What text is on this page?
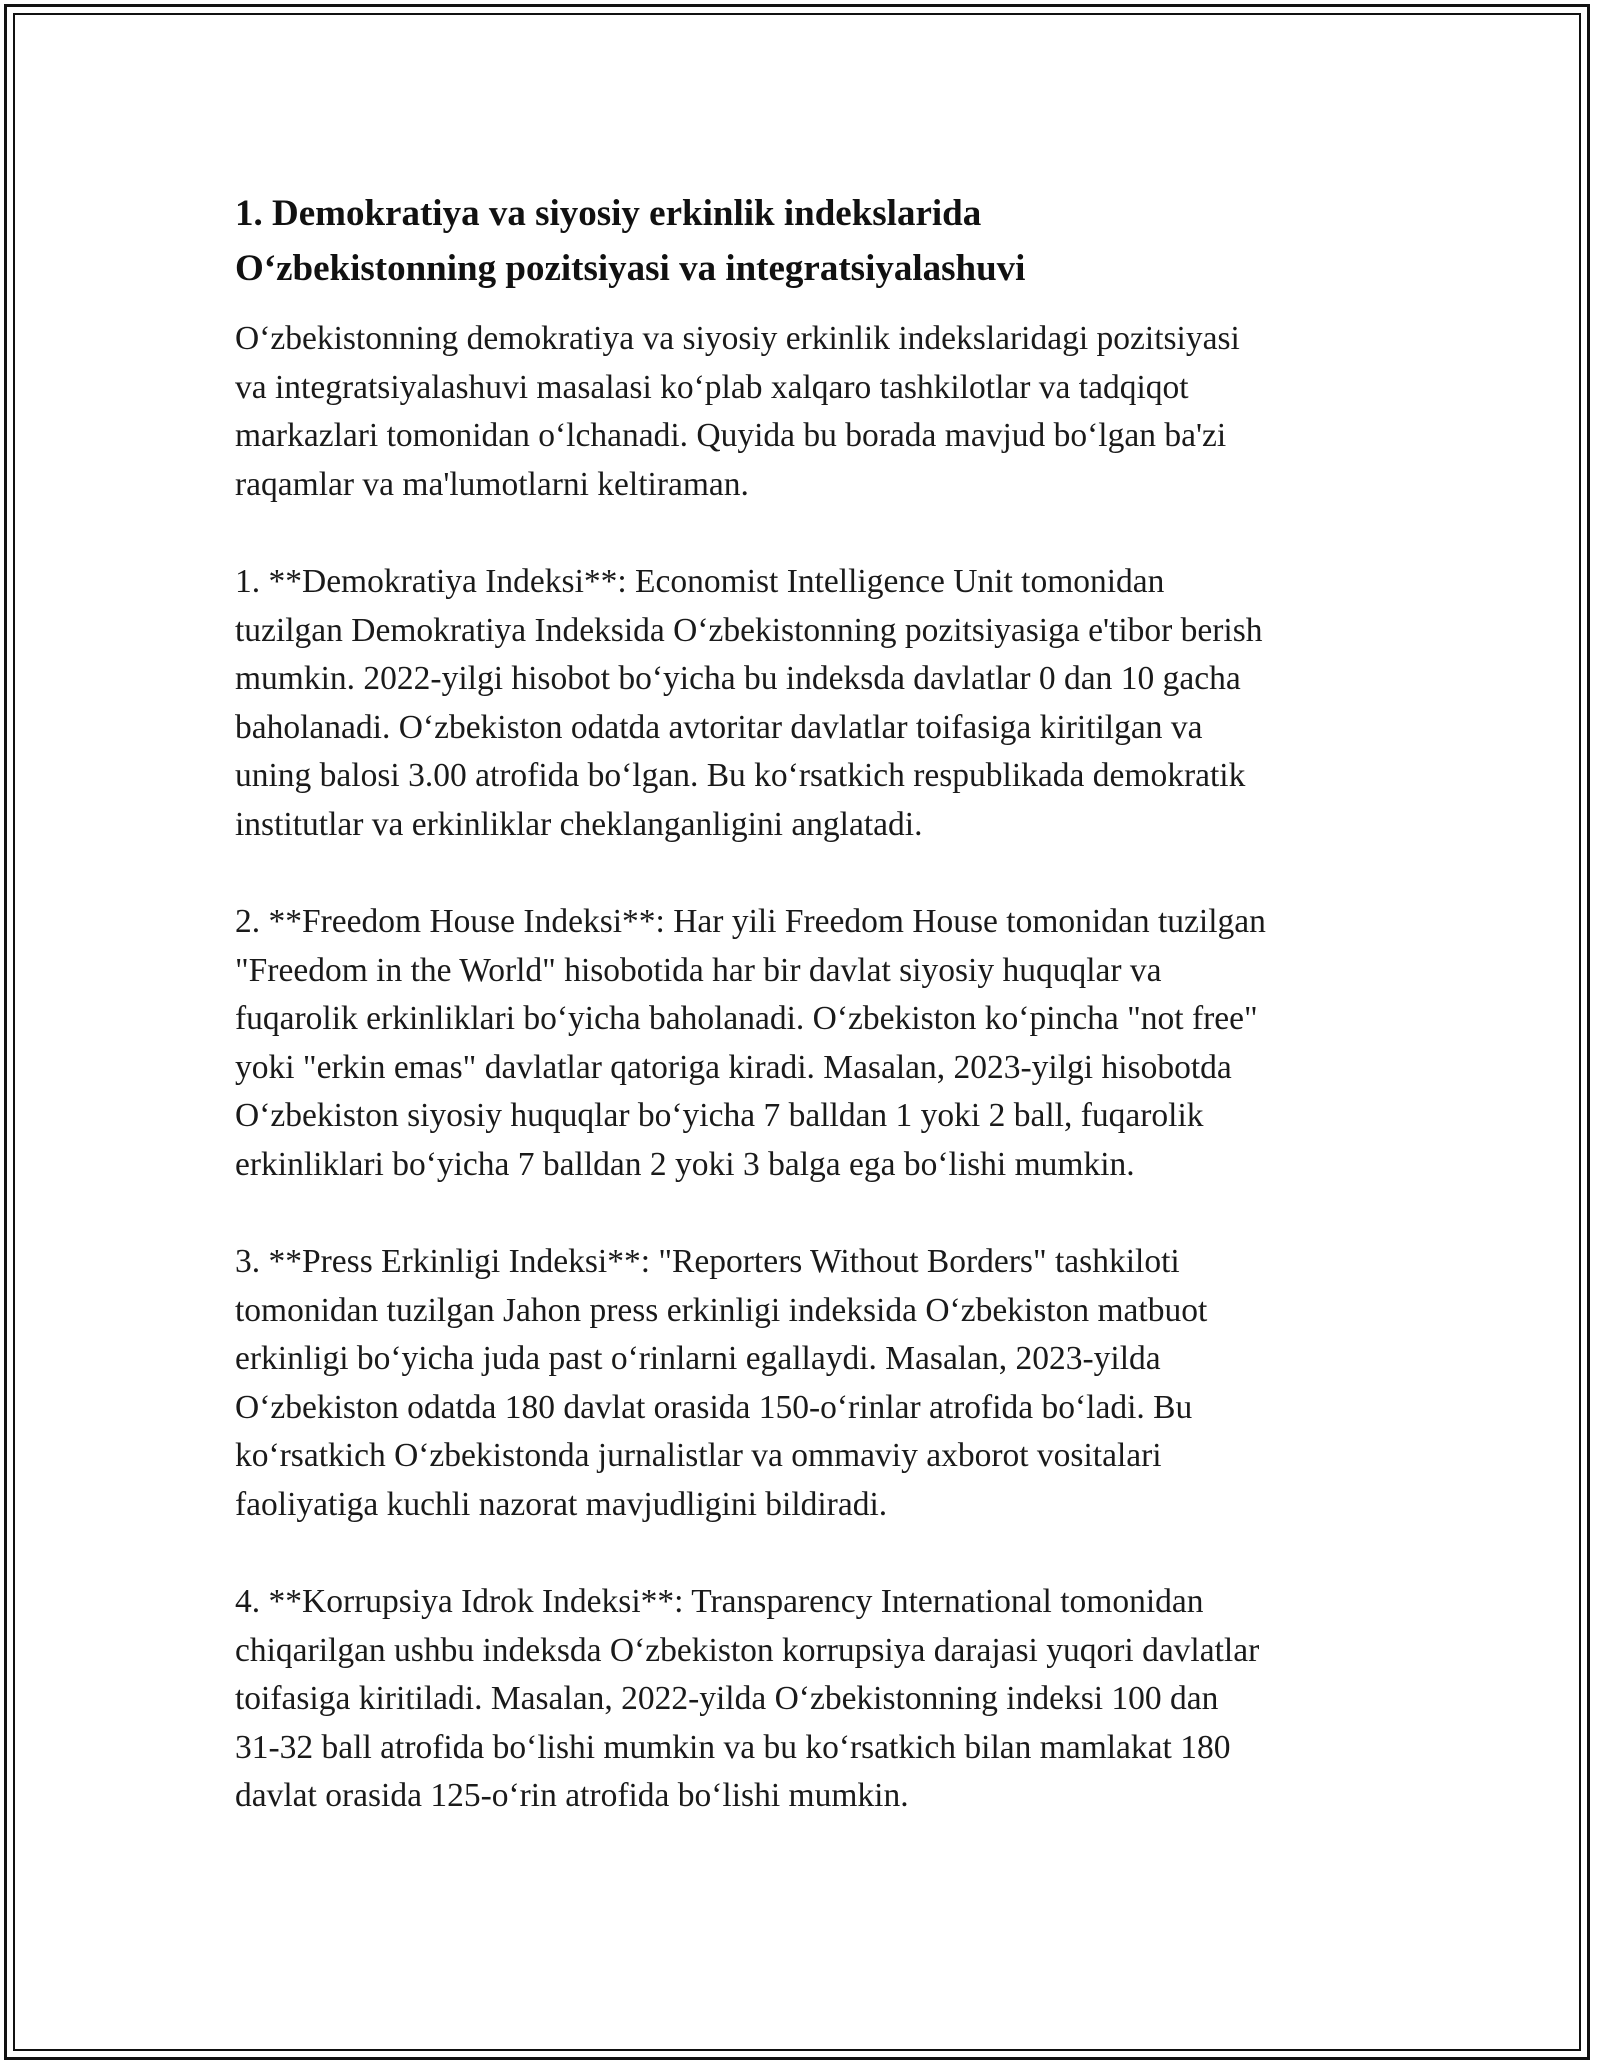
1. Demokratiya va siyosiy erkinlik indekslarida
O‘zbekistonning pozitsiyasi va integratsiyalashuvi

O‘zbekistonning demokratiya va siyosiy erkinlik indekslaridagi pozitsiyasi
va integratsiyalashuvi masalasi ko‘plab xalqaro tashkilotlar va tadqiqot
markazlari tomonidan o‘lchanadi. Quyida bu borada mavjud bo‘lgan ba'zi
raqamlar va ma'lumotlarni keltiraman.

1. **Demokratiya Indeksi**: Economist Intelligence Unit tomonidan
tuzilgan Demokratiya Indeksida O‘zbekistonning pozitsiyasiga e'tibor berish
mumkin. 2022-yilgi hisobot bo‘yicha bu indeksda davlatlar 0 dan 10 gacha
baholanadi. O‘zbekiston odatda avtoritar davlatlar toifasiga kiritilgan va
uning balosi 3.00 atrofida bo‘lgan. Bu ko‘rsatkich respublikada demokratik
institutlar va erkinliklar cheklanganligini anglatadi.

2. **Freedom House Indeksi**: Har yili Freedom House tomonidan tuzilgan
"Freedom in the World" hisobotida har bir davlat siyosiy huquqlar va
fuqarolik erkinliklari bo‘yicha baholanadi. O‘zbekiston ko‘pincha "not free"
yoki "erkin emas" davlatlar qatoriga kiradi. Masalan, 2023-yilgi hisobotda
O‘zbekiston siyosiy huquqlar bo‘yicha 7 balldan 1 yoki 2 ball, fuqarolik
erkinliklari bo‘yicha 7 balldan 2 yoki 3 balga ega bo‘lishi mumkin.

3. **Press Erkinligi Indeksi**: "Reporters Without Borders" tashkiloti
tomonidan tuzilgan Jahon press erkinligi indeksida O‘zbekiston matbuot
erkinligi bo‘yicha juda past o‘rinlarni egallaydi. Masalan, 2023-yilda
O‘zbekiston odatda 180 davlat orasida 150-o‘rinlar atrofida bo‘ladi. Bu
ko‘rsatkich O‘zbekistonda jurnalistlar va ommaviy axborot vositalari
faoliyatiga kuchli nazorat mavjudligini bildiradi.

4. **Korrupsiya Idrok Indeksi**: Transparency International tomonidan
chiqarilgan ushbu indeksda O‘zbekiston korrupsiya darajasi yuqori davlatlar
toifasiga kiritiladi. Masalan, 2022-yilda O‘zbekistonning indeksi 100 dan
31-32 ball atrofida bo‘lishi mumkin va bu ko‘rsatkich bilan mamlakat 180
davlat orasida 125-o‘rin atrofida bo‘lishi mumkin.
